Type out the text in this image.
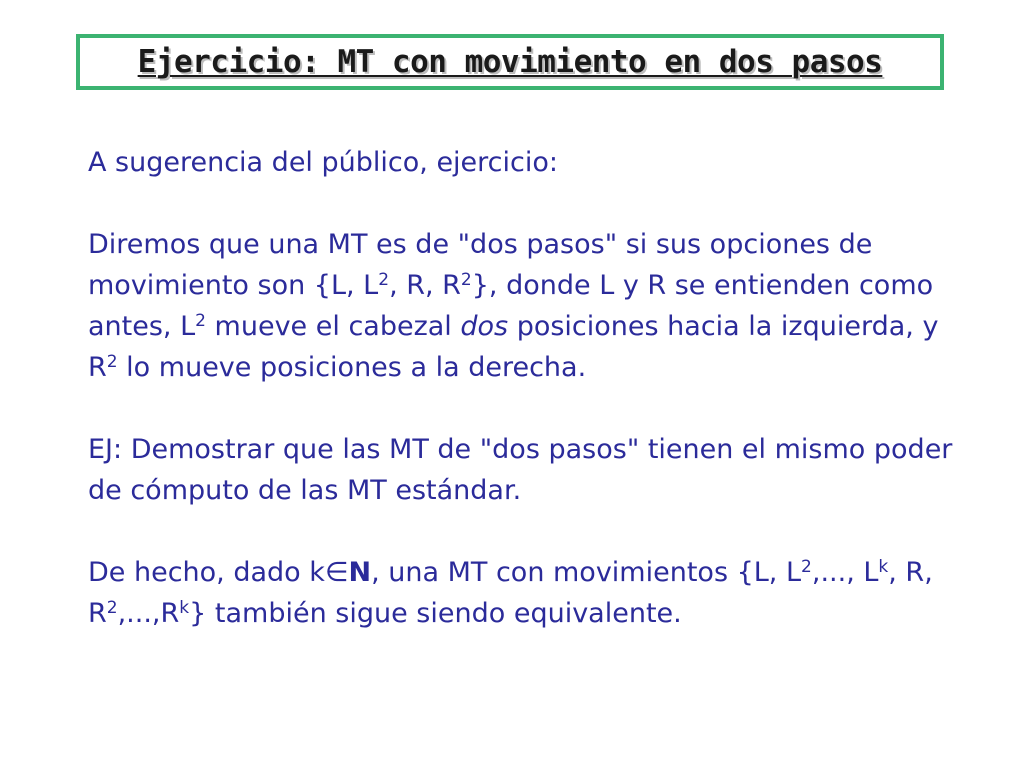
Ejercicio: MT con movimiento en dos pasos

A sugerencia del público, ejercicio:

Diremos que una MT es de "dos pasos" si sus opciones de movimiento son {L, $L^2$, R, $R^2$}, donde L y R se entienden como antes, $L^2$ mueve el cabezal dos posiciones hacia la izquierda, y $R^2$ lo mueve posiciones a la derecha.

EJ: Demostrar que las MT de "dos pasos" tienen el mismo poder de cómputo de las MT estándar.

De hecho, dado k∈N, una MT con movimientos {L, $L^2$,..., $L^k$, R, $R^2,...,R^k$} también sigue siendo equivalente.
